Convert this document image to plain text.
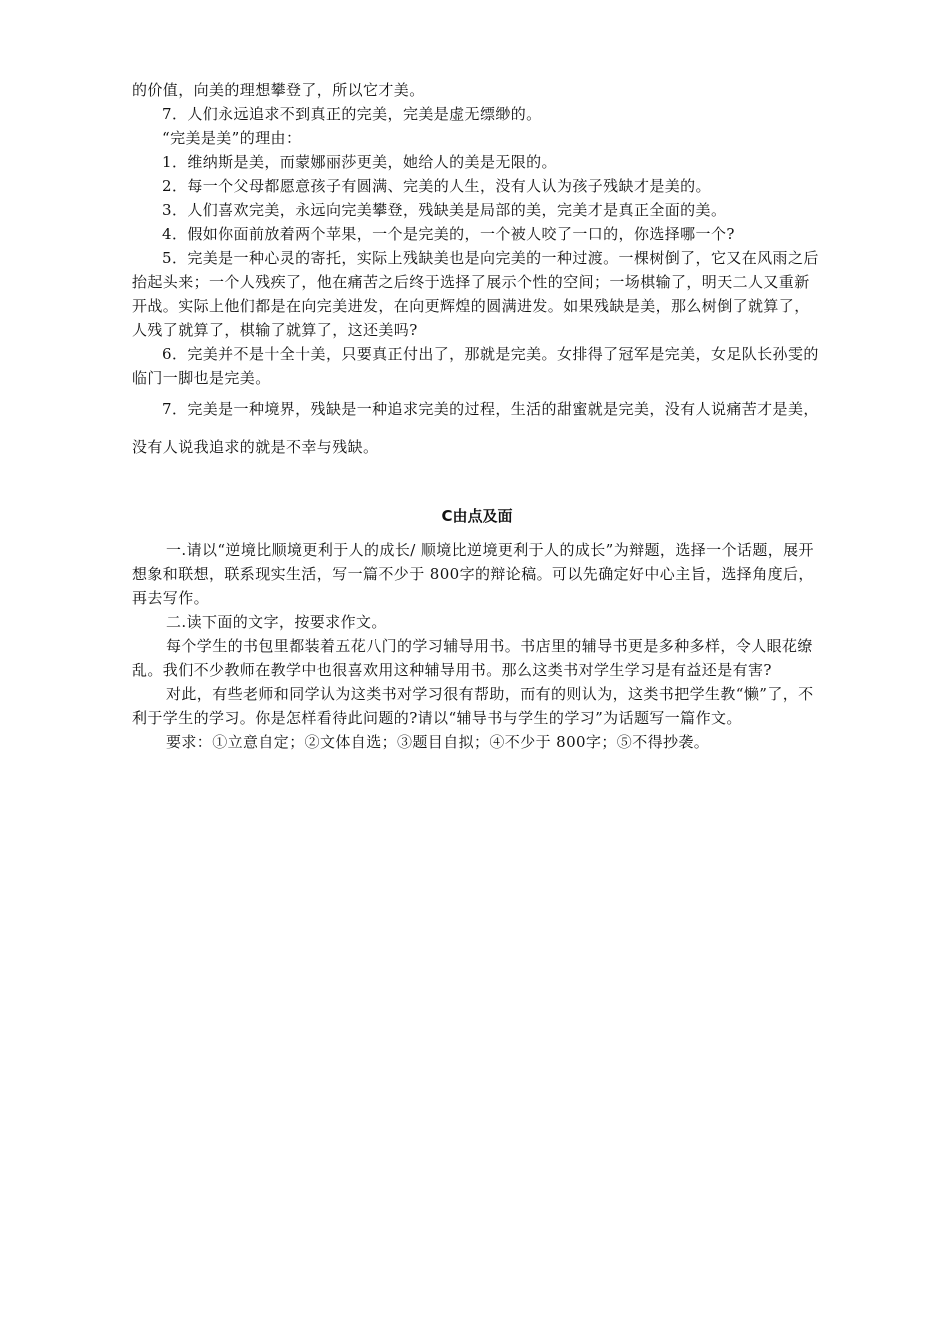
的价值，向美的理想攀登了，所以它才美。

7．人们永远追求不到真正的完美，完美是虚无缥缈的。

“完美是美”的理由：

1．维纳斯是美，而蒙娜丽莎更美，她给人的美是无限的。

2．每一个父母都愿意孩子有圆满、完美的人生，没有人认为孩子残缺才是美的。

3．人们喜欢完美，永远向完美攀登，残缺美是局部的美，完美才是真正全面的美。

4．假如你面前放着两个苹果，一个是完美的，一个被人咬了一口的，你选择哪一个?

5．完美是一种心灵的寄托，实际上残缺美也是向完美的一种过渡。一棵树倒了，它又在风雨之后抬起头来；一个人残疾了，他在痛苦之后终于选择了展示个性的空间；一场棋输了，明天二人又重新开战。实际上他们都是在向完美进发，在向更辉煌的圆满进发。如果残缺是美，那么树倒了就算了，人残了就算了，棋输了就算了，这还美吗?

6．完美并不是十全十美，只要真正付出了，那就是完美。女排得了冠军是完美，女足队长孙雯的临门一脚也是完美。

7．完美是一种境界，残缺是一种追求完美的过程，生活的甜蜜就是完美，没有人说痛苦才是美，没有人说我追求的就是不幸与残缺。

C由点及面

一.请以“逆境比顺境更利于人的成长/ 顺境比逆境更利于人的成长”为辩题，选择一个话题，展开想象和联想，联系现实生活，写一篇不少于 800字的辩论稿。可以先确定好中心主旨，选择角度后，再去写作。

二.读下面的文字，按要求作文。

每个学生的书包里都装着五花八门的学习辅导用书。书店里的辅导书更是多种多样，令人眼花缭乱。我们不少教师在教学中也很喜欢用这种辅导用书。那么这类书对学生学习是有益还是有害?

对此，有些老师和同学认为这类书对学习很有帮助，而有的则认为，这类书把学生教“懒”了，不利于学生的学习。你是怎样看待此问题的?请以“辅导书与学生的学习”为话题写一篇作文。

要求：①立意自定；②文体自选；③题目自拟；④不少于 800字；⑤不得抄袭。
